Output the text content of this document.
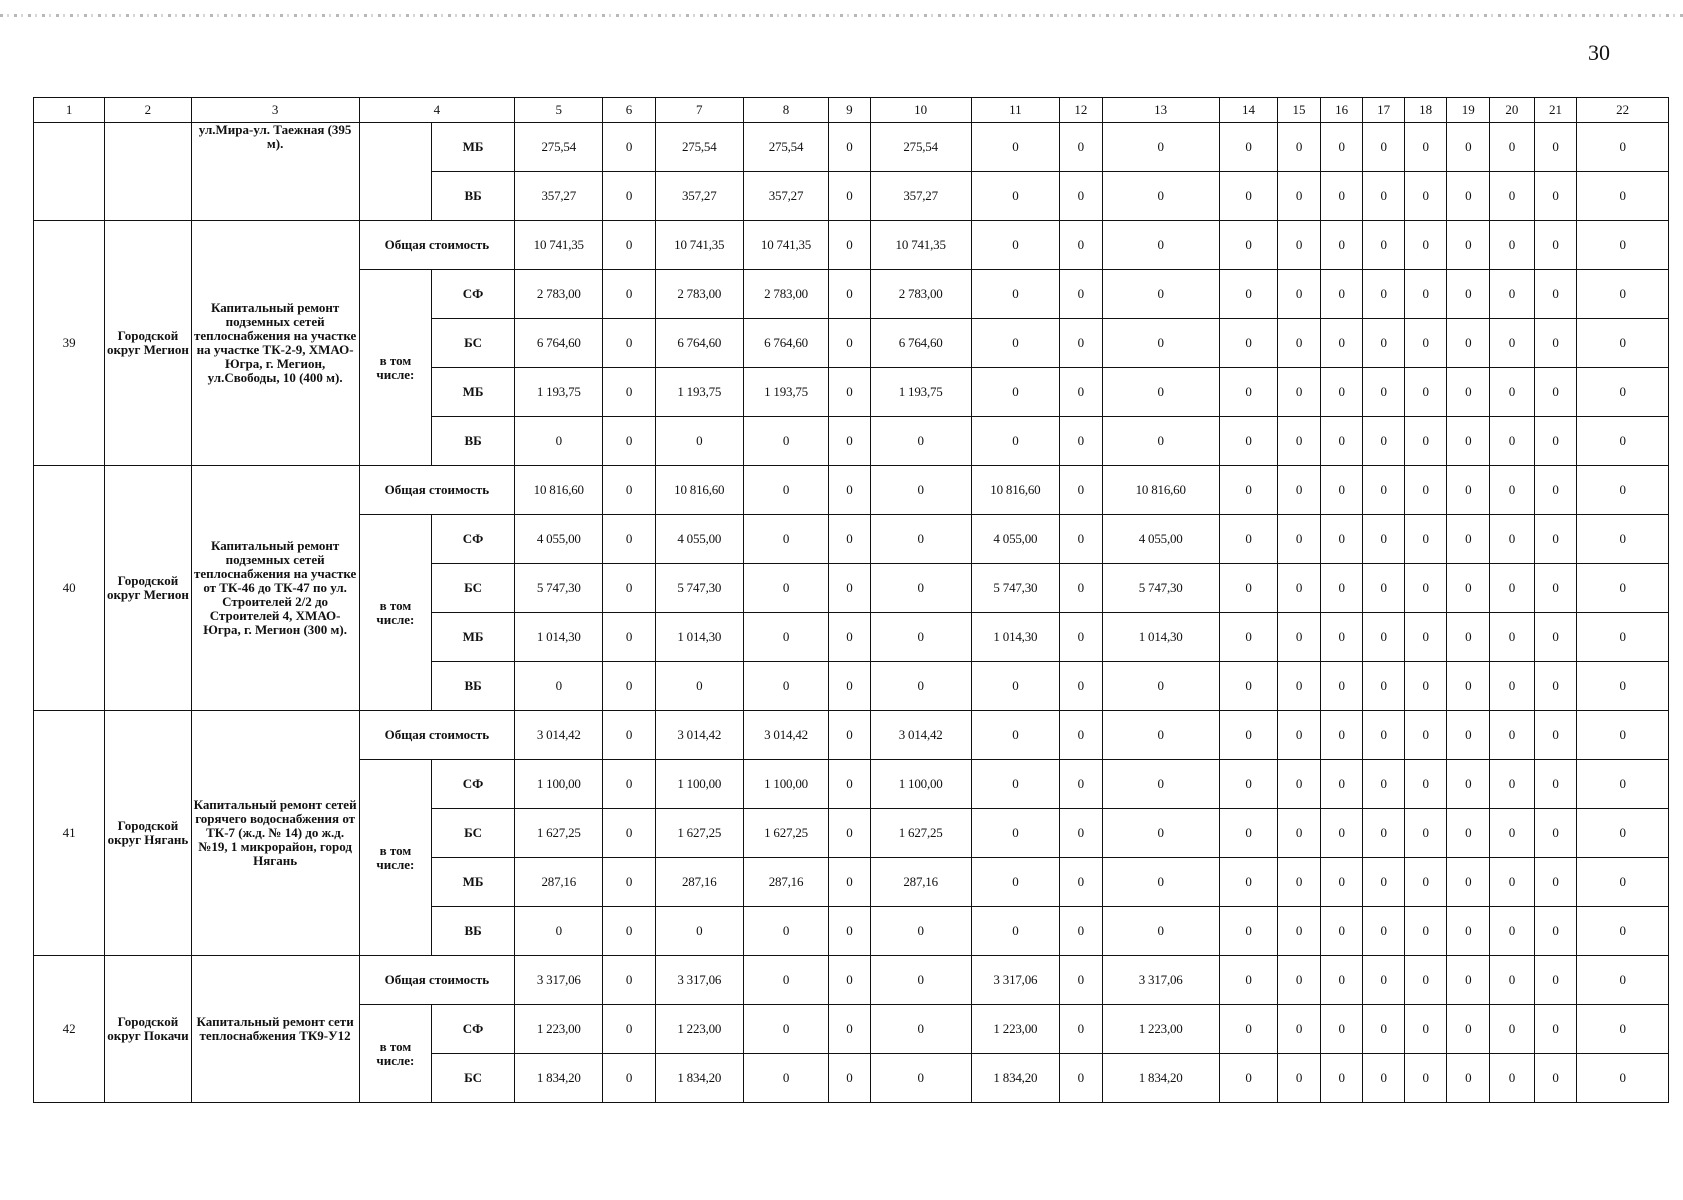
30
1	2	3	4		5	6	7	8	9	10	11	12	13	14	15	16	17	18	19	20	21	22
		ул.Мира-ул. Таежная (395 м).		МБ	275,54	0	275,54	275,54	0	275,54	0	0	0	0	0	0	0	0	0	0	0	0
				ВБ	357,27	0	357,27	357,27	0	357,27	0	0	0	0	0	0	0	0	0	0	0	0
39	Городской округ Мегион	Капитальный ремонт подземных сетей теплоснабжения на участке на участке ТК-2-9, ХМАО-Югра, г. Мегион, ул.Свободы, 10 (400 м).	Общая стоимость		10 741,35	0	10 741,35	10 741,35	0	10 741,35	0	0	0	0	0	0	0	0	0	0	0	0
			в том числе:	СФ	2 783,00	0	2 783,00	2 783,00	0	2 783,00	0	0	0	0	0	0	0	0	0	0	0	0
				БС	6 764,60	0	6 764,60	6 764,60	0	6 764,60	0	0	0	0	0	0	0	0	0	0	0	0
				МБ	1 193,75	0	1 193,75	1 193,75	0	1 193,75	0	0	0	0	0	0	0	0	0	0	0	0
				ВБ	0	0	0	0	0	0	0	0	0	0	0	0	0	0	0	0	0	0
40	Городской округ Мегион	Капитальный ремонт подземных сетей теплоснабжения на участке от ТК-46 до ТК-47 по ул. Строителей 2/2 до Строителей 4, ХМАО-Югра, г. Мегион (300 м).	Общая стоимость		10 816,60	0	10 816,60	0	0	0	10 816,60	0	10 816,60	0	0	0	0	0	0	0	0	0
			в том числе:	СФ	4 055,00	0	4 055,00	0	0	0	4 055,00	0	4 055,00	0	0	0	0	0	0	0	0	0
				БС	5 747,30	0	5 747,30	0	0	0	5 747,30	0	5 747,30	0	0	0	0	0	0	0	0	0
				МБ	1 014,30	0	1 014,30	0	0	0	1 014,30	0	1 014,30	0	0	0	0	0	0	0	0	0
				ВБ	0	0	0	0	0	0	0	0	0	0	0	0	0	0	0	0	0	0
41	Городской округ Нягань	Капитальный ремонт сетей горячего водоснабжения от ТК-7 (ж.д. № 14) до ж.д. №19, 1 микрорайон, город Нягань	Общая стоимость		3 014,42	0	3 014,42	3 014,42	0	3 014,42	0	0	0	0	0	0	0	0	0	0	0	0
			в том числе:	СФ	1 100,00	0	1 100,00	1 100,00	0	1 100,00	0	0	0	0	0	0	0	0	0	0	0	0
				БС	1 627,25	0	1 627,25	1 627,25	0	1 627,25	0	0	0	0	0	0	0	0	0	0	0	0
				МБ	287,16	0	287,16	287,16	0	287,16	0	0	0	0	0	0	0	0	0	0	0	0
				ВБ	0	0	0	0	0	0	0	0	0	0	0	0	0	0	0	0	0	0
42	Городской округ Покачи	Капитальный ремонт сети теплоснабжения ТК9-У12	Общая стоимость		3 317,06	0	3 317,06	0	0	0	3 317,06	0	3 317,06	0	0	0	0	0	0	0	0	0
			в том числе:	СФ	1 223,00	0	1 223,00	0	0	0	1 223,00	0	1 223,00	0	0	0	0	0	0	0	0	0
				БС	1 834,20	0	1 834,20	0	0	0	1 834,20	0	1 834,20	0	0	0	0	0	0	0	0	0
